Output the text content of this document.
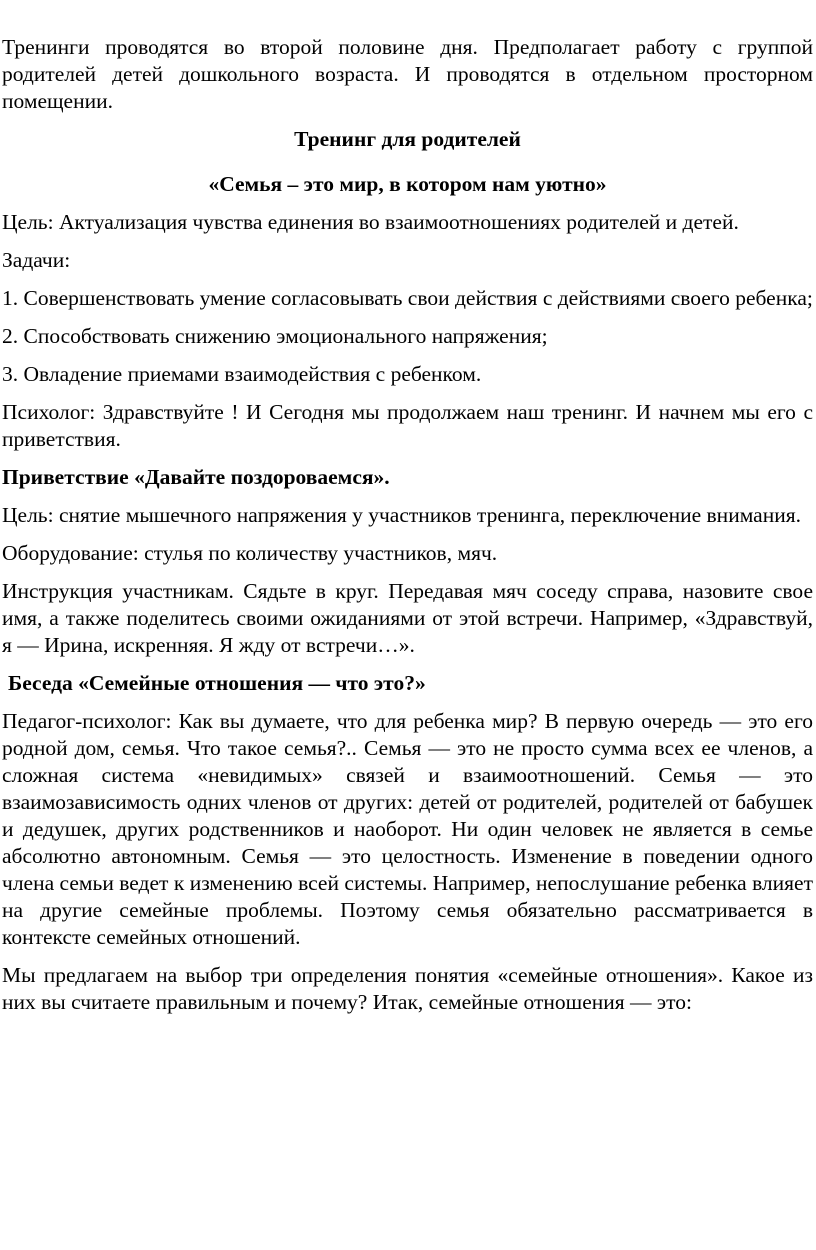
Тренинги проводятся во второй половине дня. Предполагает работу с группой родителей детей дошкольного возраста. И проводятся в отдельном просторном помещении.

Тренинг для родителей

«Семья – это мир, в котором нам уютно»

Цель: Актуализация чувства единения во взаимоотношениях родителей и детей.

Задачи:

1. Совершенствовать умение согласовывать свои действия с действиями своего ребенка;

2. Способствовать снижению эмоционального напряжения;

3. Овладение приемами взаимодействия с ребенком.

Психолог: Здравствуйте ! И Сегодня мы продолжаем наш тренинг. И начнем мы его с приветствия.

Приветствие «Давайте поздороваемся».

Цель: снятие мышечного напряжения у участников тренинга, переключение внимания.

Оборудование: стулья по количеству участников, мяч.

Инструкция участникам. Сядьте в круг. Передавая мяч соседу справа, назовите свое имя, а также поделитесь своими ожиданиями от этой встречи. Например, «Здравствуй, я — Ирина, искренняя. Я жду от встречи…».

Беседа «Семейные отношения — что это?»

Педагог-психолог: Как вы думаете, что для ребенка мир? В первую очередь — это его родной дом, семья. Что такое семья?.. Семья — это не просто сумма всех ее членов, а сложная система «невидимых» связей и взаимоотношений. Семья — это взаимозависимость одних членов от других: детей от родителей, родителей от бабушек и дедушек, других родственников и наоборот. Ни один человек не является в семье абсолютно автономным. Семья — это целостность. Изменение в поведении одного члена семьи ведет к изменению всей системы. Например, непослушание ребенка влияет на другие семейные проблемы. Поэтому семья обязательно рассматривается в контексте семейных отношений.

Мы предлагаем на выбор три определения понятия «семейные отношения». Какое из них вы считаете правильным и почему? Итак, семейные отношения — это:
